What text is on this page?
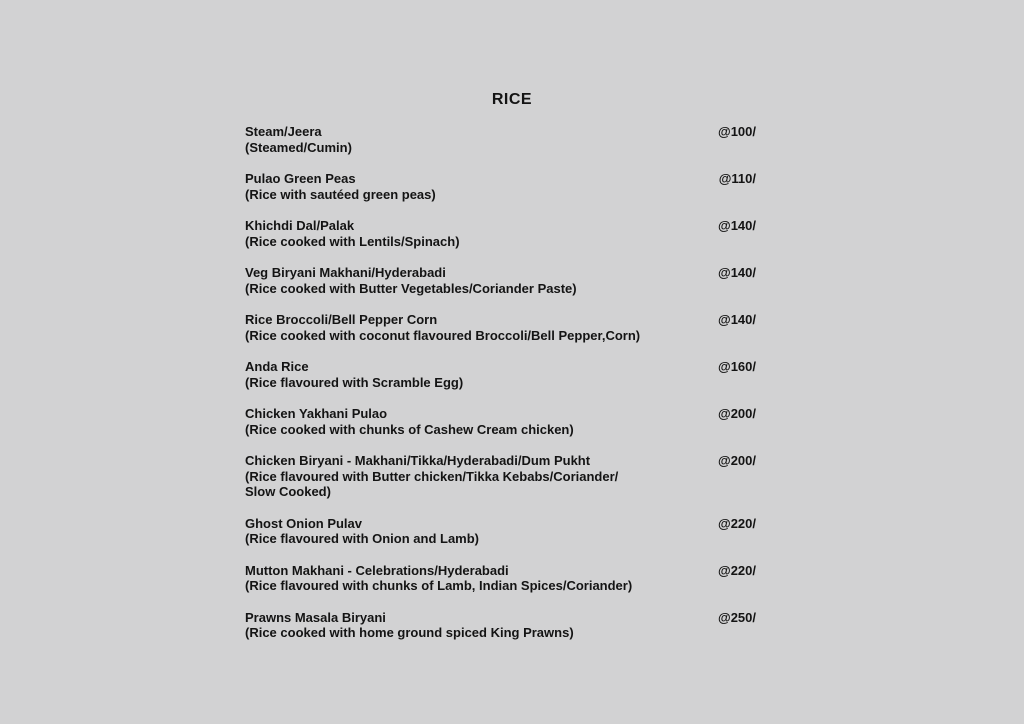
RICE
Steam/Jeera
(Steamed/Cumin)
@100/
Pulao Green Peas
(Rice with sautéed green peas)
@110/
Khichdi Dal/Palak
(Rice cooked with Lentils/Spinach)
@140/
Veg Biryani Makhani/Hyderabadi
(Rice cooked with Butter Vegetables/Coriander Paste)
@140/
Rice Broccoli/Bell Pepper Corn
(Rice cooked with coconut flavoured Broccoli/Bell Pepper,Corn)
@140/
Anda Rice
(Rice flavoured with Scramble Egg)
@160/
Chicken Yakhani Pulao
(Rice cooked with chunks of Cashew Cream chicken)
@200/
Chicken Biryani - Makhani/Tikka/Hyderabadi/Dum Pukht
(Rice flavoured with Butter chicken/Tikka Kebabs/Coriander/
Slow Cooked)
@200/
Ghost Onion Pulav
(Rice flavoured with Onion and Lamb)
@220/
Mutton Makhani - Celebrations/Hyderabadi
(Rice flavoured with chunks of Lamb, Indian Spices/Coriander)
@220/
Prawns Masala Biryani
(Rice cooked with home ground spiced King Prawns)
@250/
